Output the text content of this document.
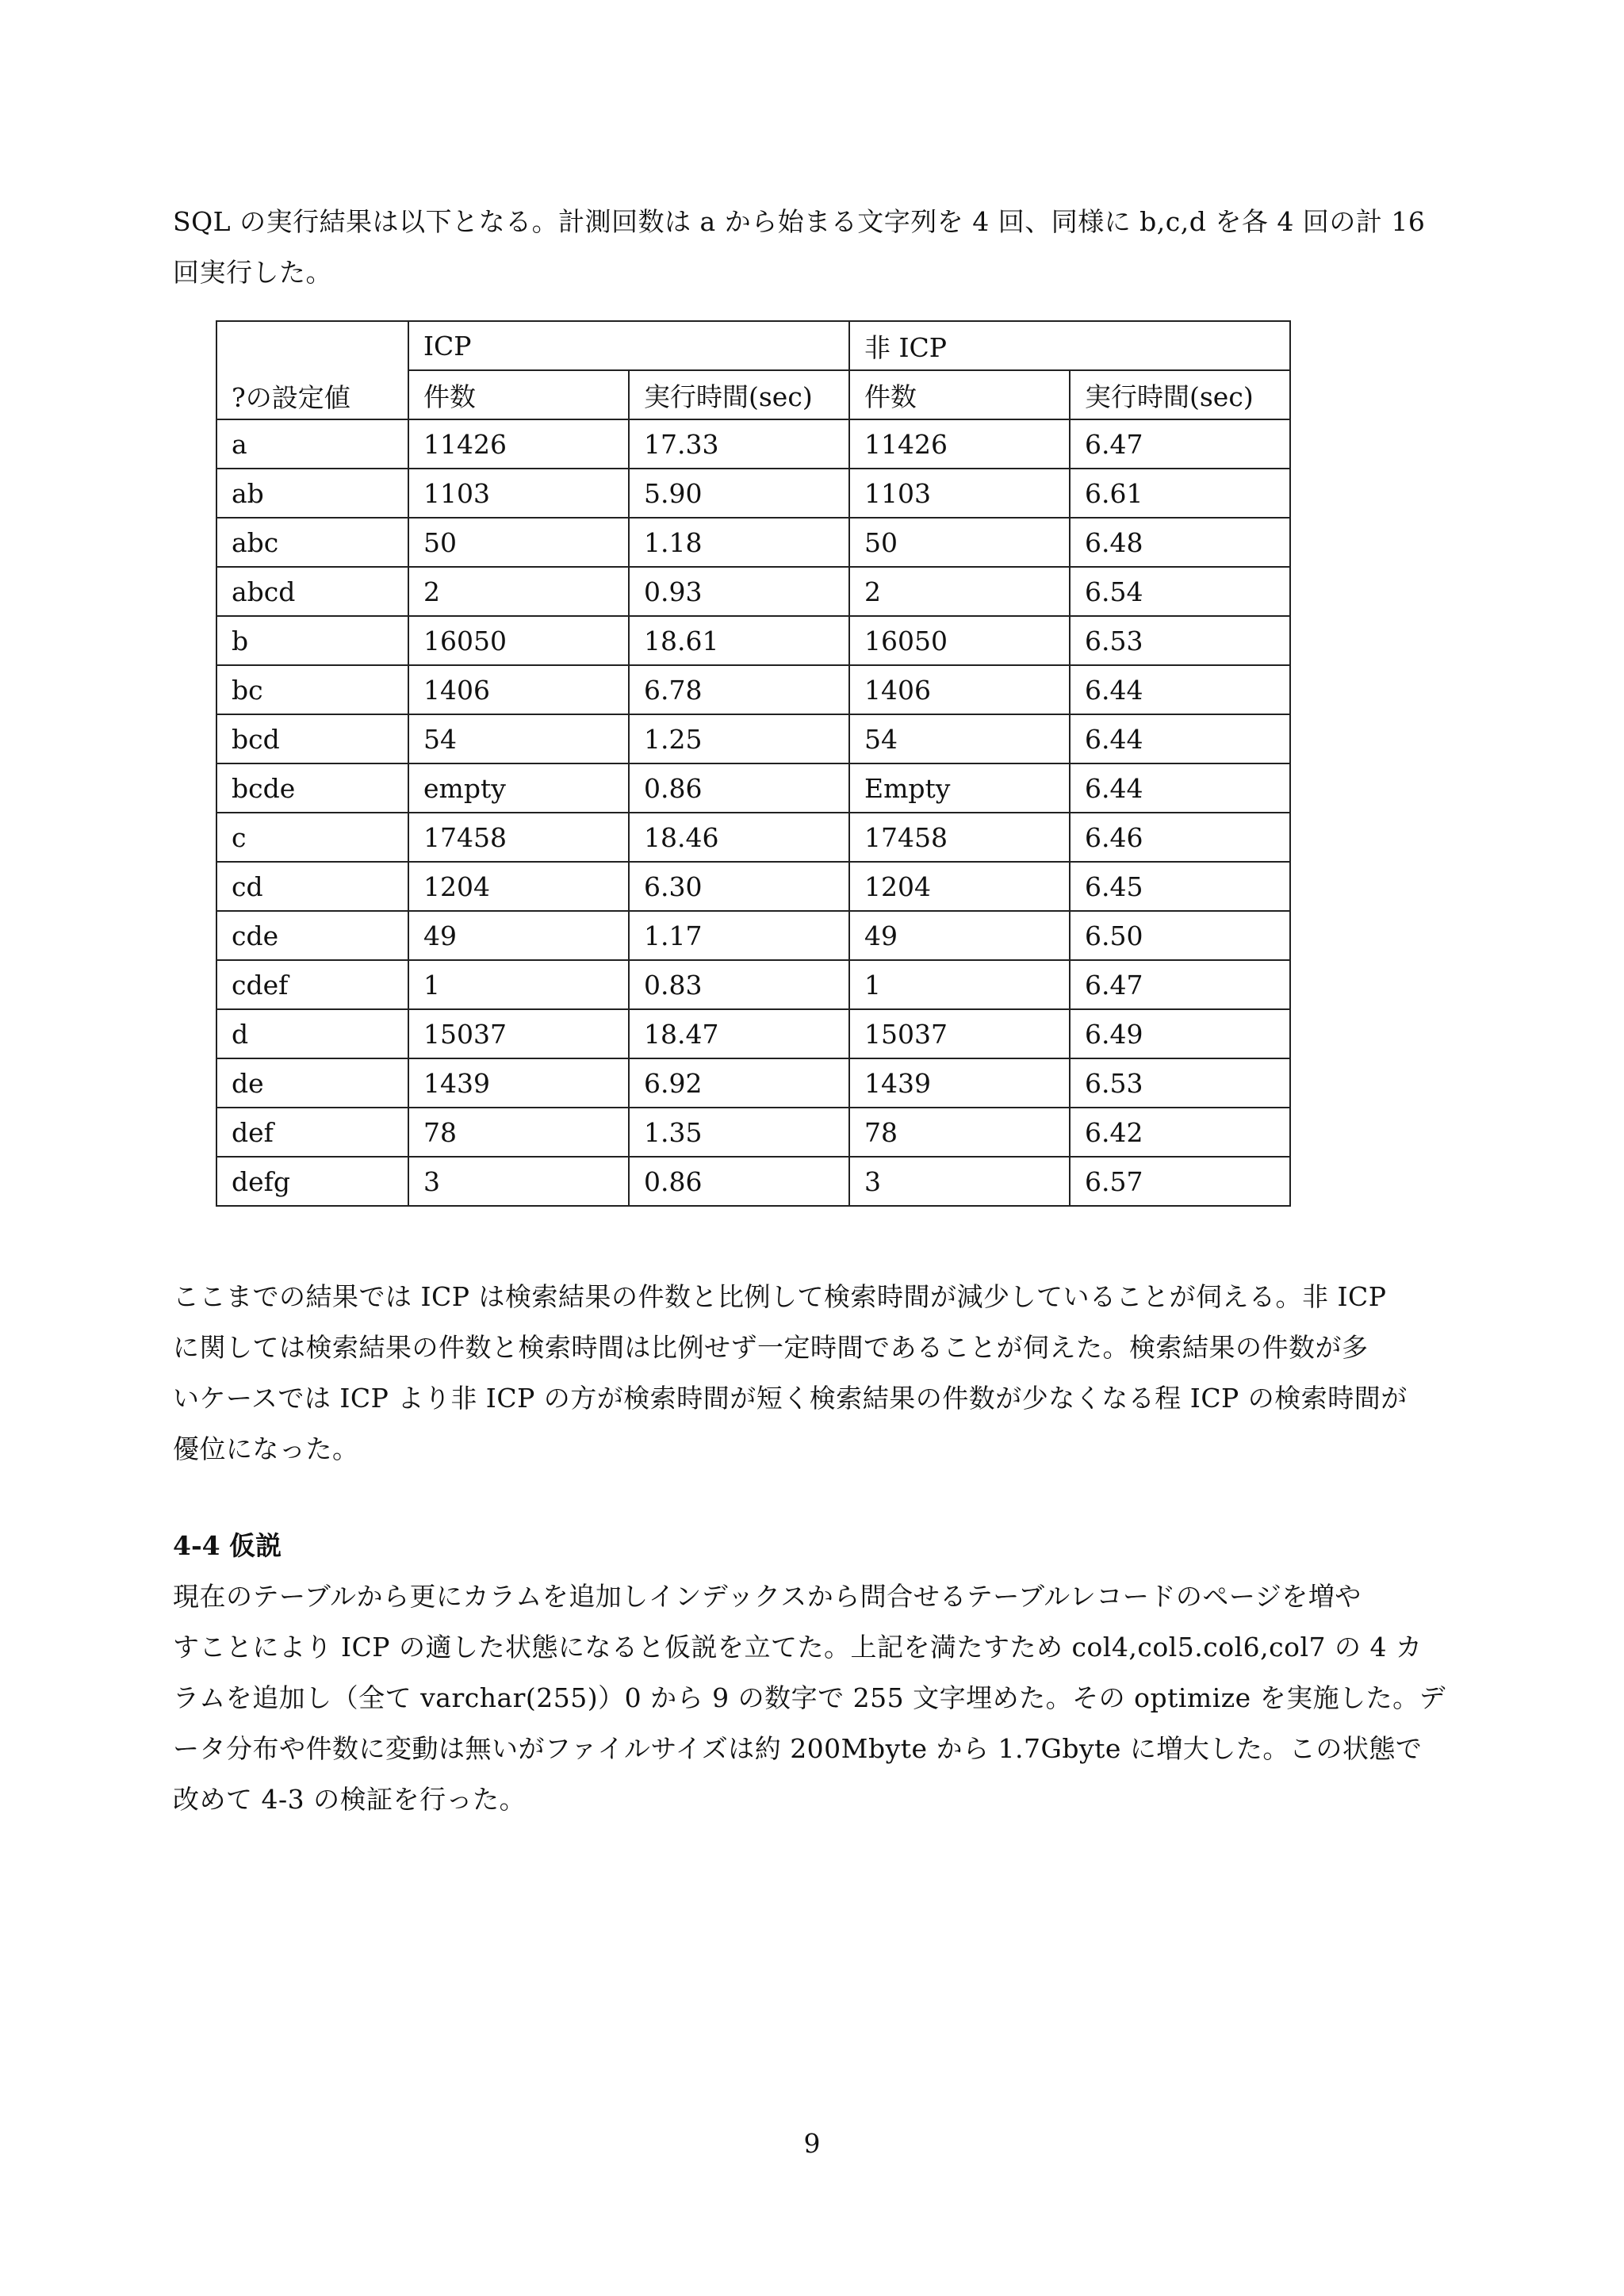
SQL の実行結果は以下となる。計測回数は a から始まる文字列を 4 回、同様に b,c,d を各 4 回の計 16
回実行した。

?の設定値	ICP		非 ICP	
	件数	実行時間(sec)	件数	実行時間(sec)
a	11426	17.33	11426	6.47
ab	1103	5.90	1103	6.61
abc	50	1.18	50	6.48
abcd	2	0.93	2	6.54
b	16050	18.61	16050	6.53
bc	1406	6.78	1406	6.44
bcd	54	1.25	54	6.44
bcde	empty	0.86	Empty	6.44
c	17458	18.46	17458	6.46
cd	1204	6.30	1204	6.45
cde	49	1.17	49	6.50
cdef	1	0.83	1	6.47
d	15037	18.47	15037	6.49
de	1439	6.92	1439	6.53
def	78	1.35	78	6.42
defg	3	0.86	3	6.57

ここまでの結果では ICP は検索結果の件数と比例して検索時間が減少していることが伺える。非 ICP
に関しては検索結果の件数と検索時間は比例せず一定時間であることが伺えた。検索結果の件数が多
いケースでは ICP より非 ICP の方が検索時間が短く検索結果の件数が少なくなる程 ICP の検索時間が
優位になった。

4-4 仮説

現在のテーブルから更にカラムを追加しインデックスから問合せるテーブルレコードのページを増や
すことにより ICP の適した状態になると仮説を立てた。上記を満たすため col4,col5.col6,col7 の 4 カ
ラムを追加し（全て varchar(255)）0 から 9 の数字で 255 文字埋めた。その optimize を実施した。デ
ータ分布や件数に変動は無いがファイルサイズは約 200Mbyte から 1.7Gbyte に増大した。この状態で
改めて 4-3 の検証を行った。

9
